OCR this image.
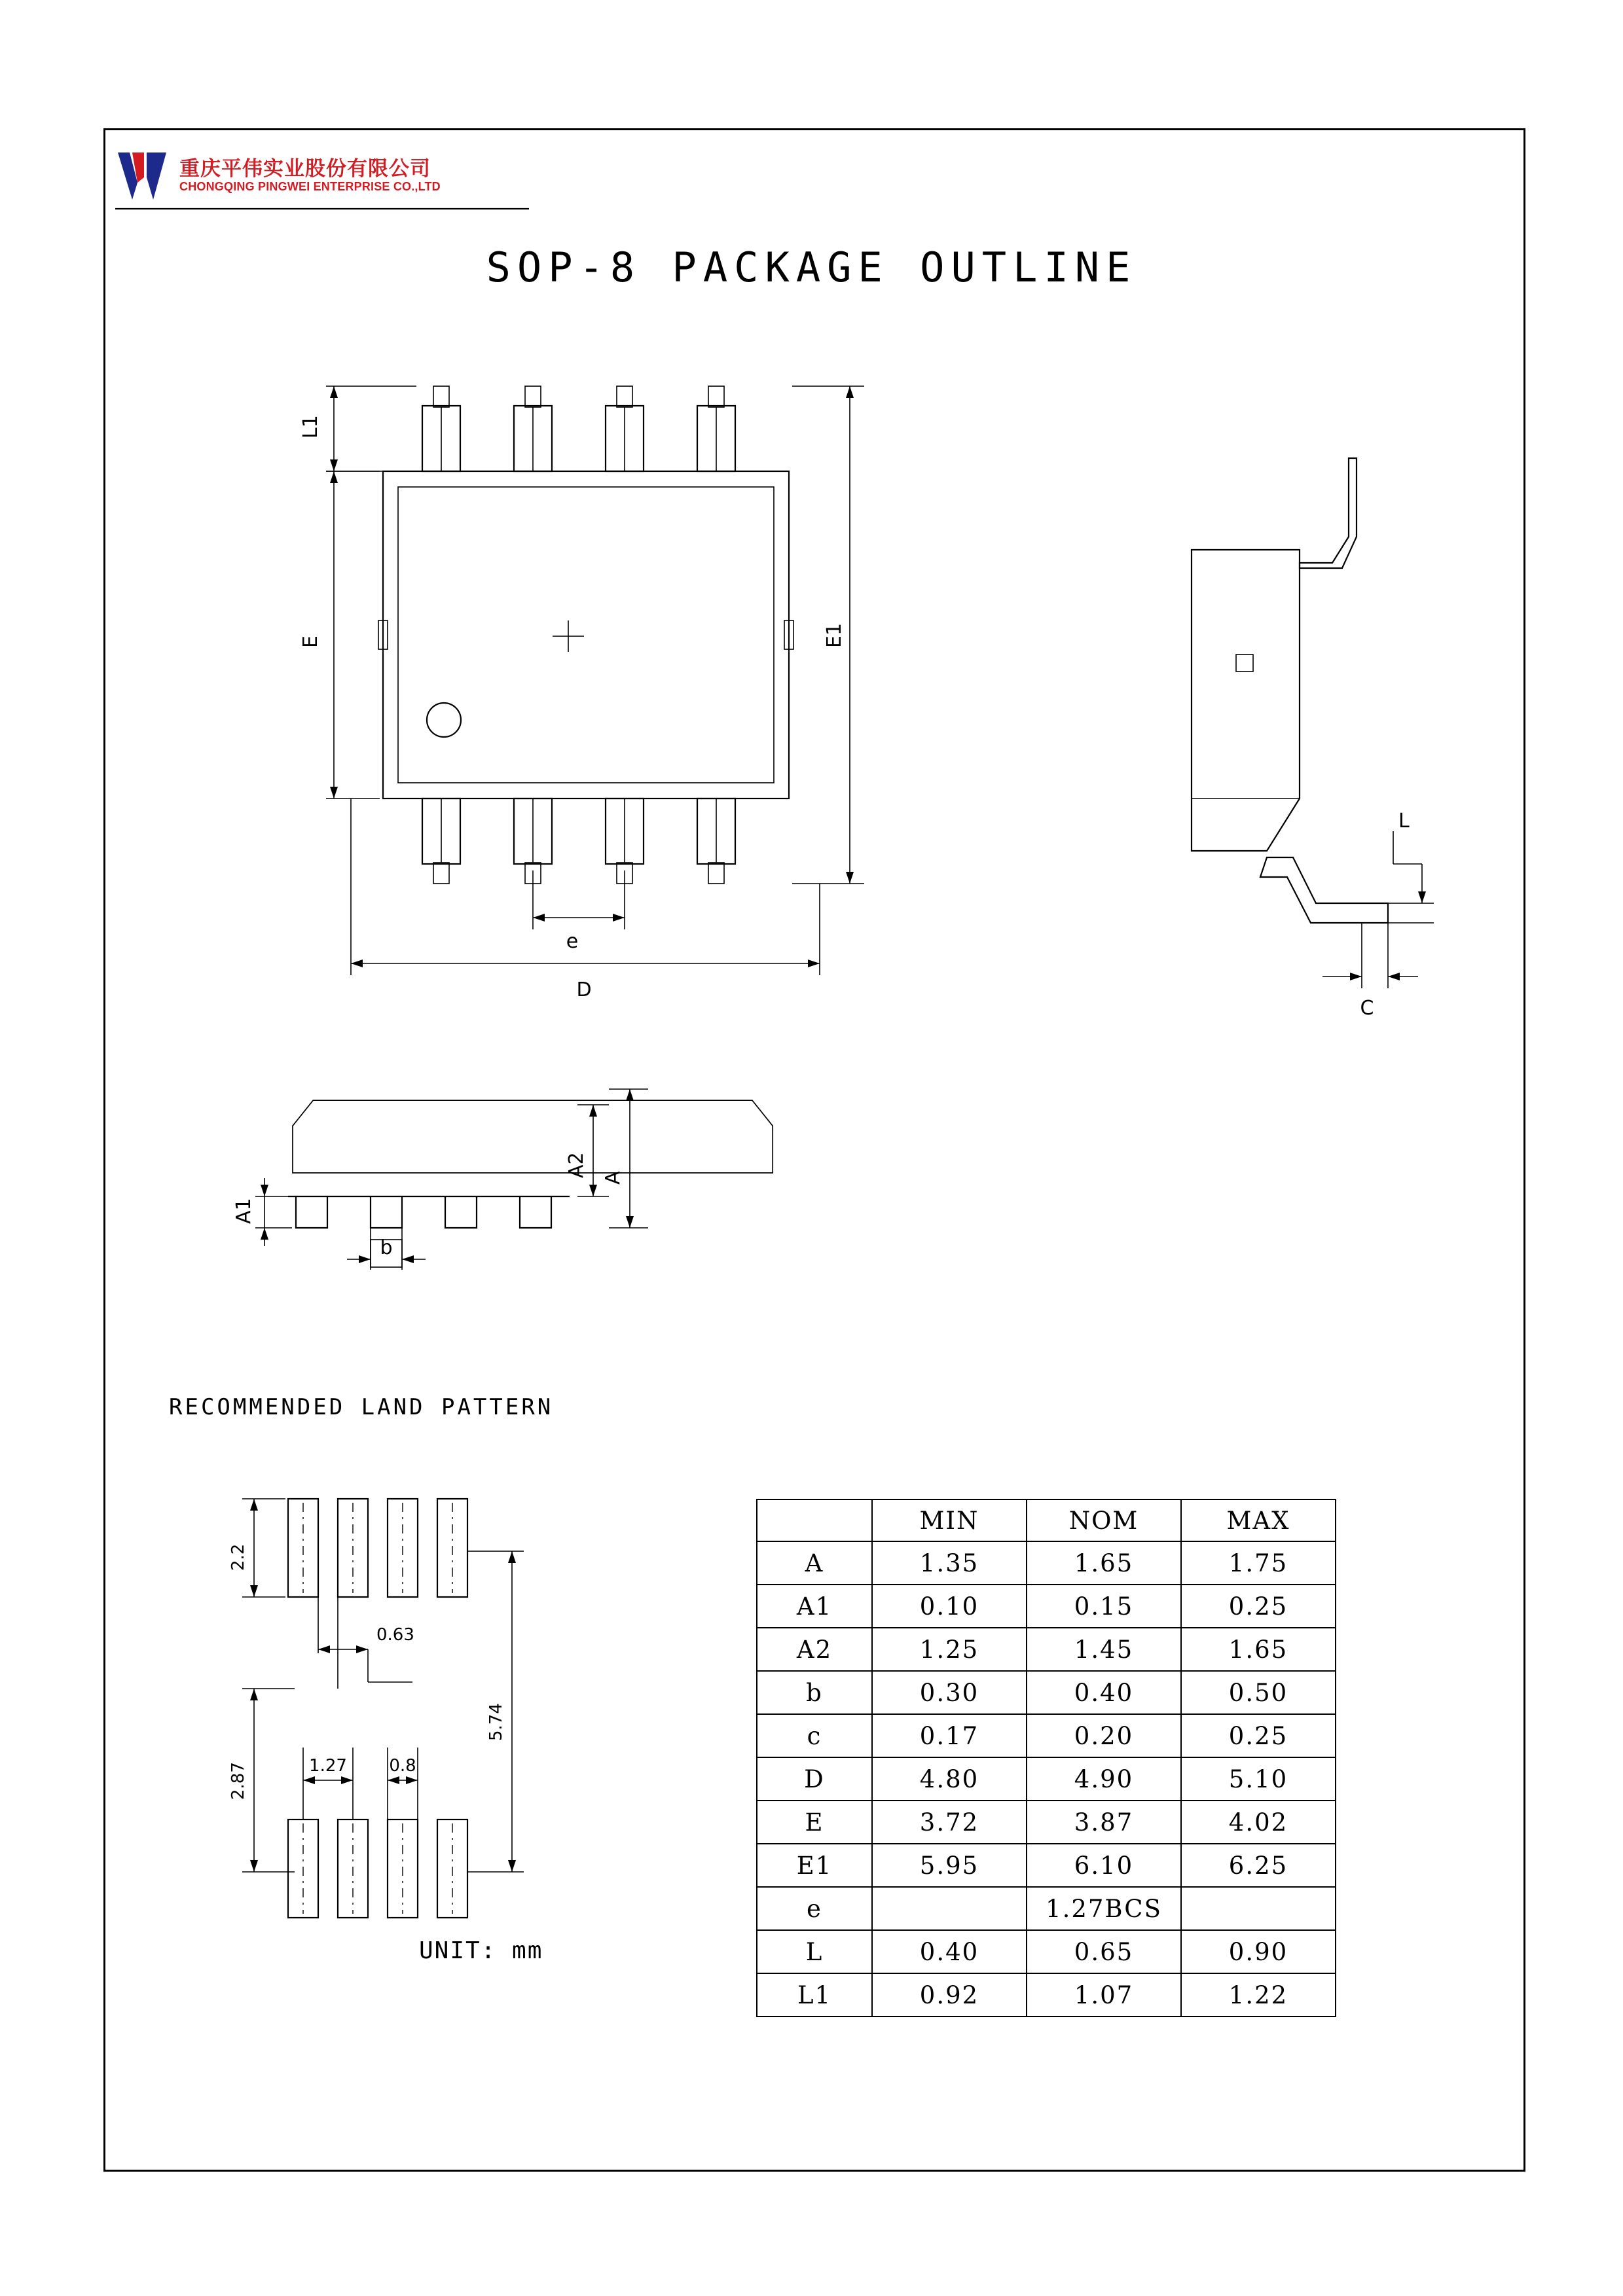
重庆平伟实业股份有限公司
CHONGQING PINGWEI ENTERPRISE CO.,LTD
SOP-8 PACKAGE OUTLINE
L1
E	E1
e
D
L
C
A1
b
A2 A
RECOMMENDED LAND PATTERN
2.2
0.63
5.74
2.87	1.27 0.8
UNIT: mm
	MIN	NOM	MAX
A	1.35	1.65	1.75
A1	0.10	0.15	0.25
A2	1.25	1.45	1.65
b	0.30	0.40	0.50
c	0.17	0.20	0.25
D	4.80	4.90	5.10
E	3.72	3.87	4.02
E1	5.95	6.10	6.25
e		1.27BCS	
L	0.40	0.65	0.90
L1	0.92	1.07	1.22
